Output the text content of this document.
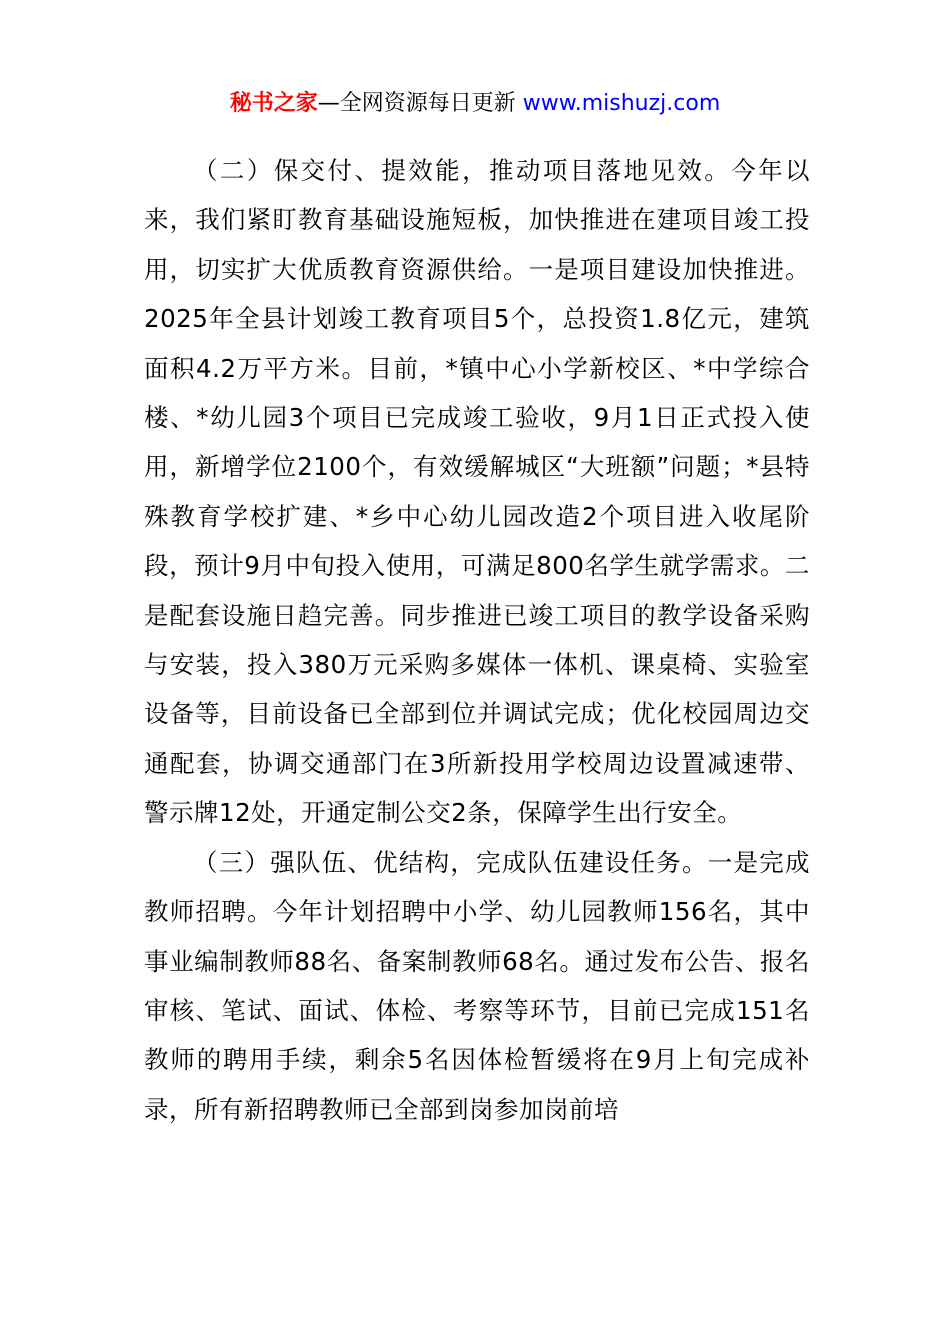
秘书之家—全网资源每日更新 www.mishuzj.com

（二）保交付、提效能，推动项目落地见效。今年以来，我们紧盯教育基础设施短板，加快推进在建项目竣工投用，切实扩大优质教育资源供给。一是项目建设加快推进。2025年全县计划竣工教育项目5个，总投资1.8亿元，建筑面积4.2万平方米。目前，*镇中心小学新校区、*中学综合楼、*幼儿园3个项目已完成竣工验收，9月1日正式投入使用，新增学位2100个，有效缓解城区“大班额”问题；*县特殊教育学校扩建、*乡中心幼儿园改造2个项目进入收尾阶段，预计9月中旬投入使用，可满足800名学生就学需求。二是配套设施日趋完善。同步推进已竣工项目的教学设备采购与安装，投入380万元采购多媒体一体机、课桌椅、实验室设备等，目前设备已全部到位并调试完成；优化校园周边交通配套，协调交通部门在3所新投用学校周边设置减速带、警示牌12处，开通定制公交2条，保障学生出行安全。

（三）强队伍、优结构，完成队伍建设任务。一是完成教师招聘。今年计划招聘中小学、幼儿园教师156名，其中事业编制教师88名、备案制教师68名。通过发布公告、报名审核、笔试、面试、体检、考察等环节，目前已完成151名教师的聘用手续，剩余5名因体检暂缓将在9月上旬完成补录，所有新招聘教师已全部到岗参加岗前培
